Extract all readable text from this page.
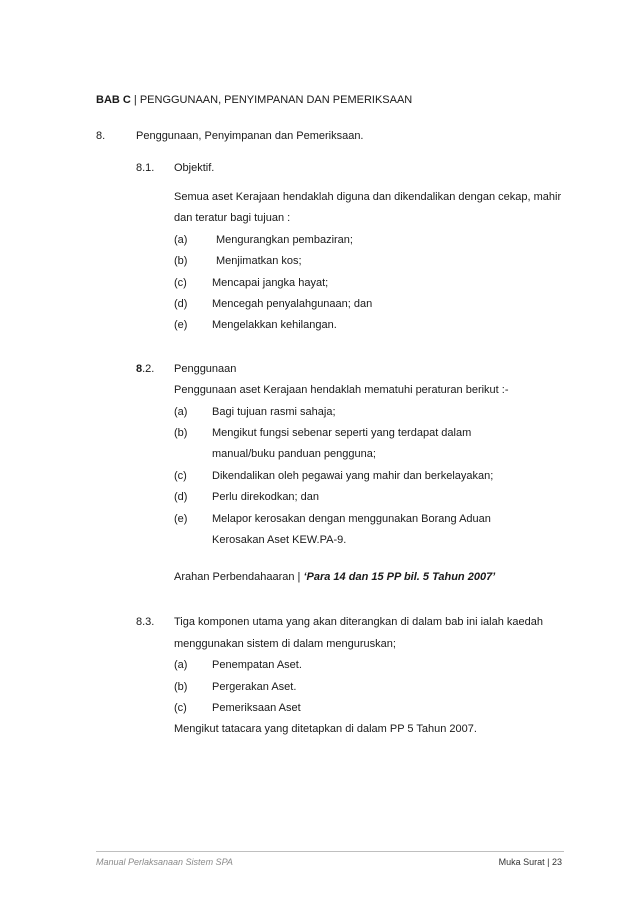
BAB C | PENGGUNAAN, PENYIMPANAN DAN PEMERIKSAAN
8.	Penggunaan, Penyimpanan dan Pemeriksaan.
8.1. Objektif.
Semua aset Kerajaan hendaklah diguna dan dikendalikan dengan cekap, mahir
dan teratur bagi tujuan :
(a)	Mengurangkan pembaziran;
(b)	Menjimatkan kos;
(c) Mencapai jangka hayat;
(d) Mencegah penyalahgunaan; dan
(e) Mengelakkan kehilangan.
8.2. Penggunaan
Penggunaan aset Kerajaan hendaklah mematuhi peraturan berikut :-
(a) Bagi tujuan rasmi sahaja;
(b) Mengikut fungsi sebenar seperti yang terdapat dalam
manual/buku panduan pengguna;
(c) Dikendalikan oleh pegawai yang mahir dan berkelayakan;
(d) Perlu direkodkan; dan
(e) Melapor kerosakan dengan menggunakan Borang Aduan
Kerosakan Aset KEW.PA-9.
Arahan Perbendahaaran | ‘Para 14 dan 15 PP bil. 5 Tahun 2007’
8.3. Tiga komponen utama yang akan diterangkan di dalam bab ini ialah kaedah
menggunakan sistem di dalam menguruskan;
(a) Penempatan Aset.
(b) Pergerakan Aset.
(c) Pemeriksaan Aset
Mengikut tatacara yang ditetapkan di dalam PP 5 Tahun 2007.
Manual Perlaksanaan Sistem SPA	Muka Surat | 23
